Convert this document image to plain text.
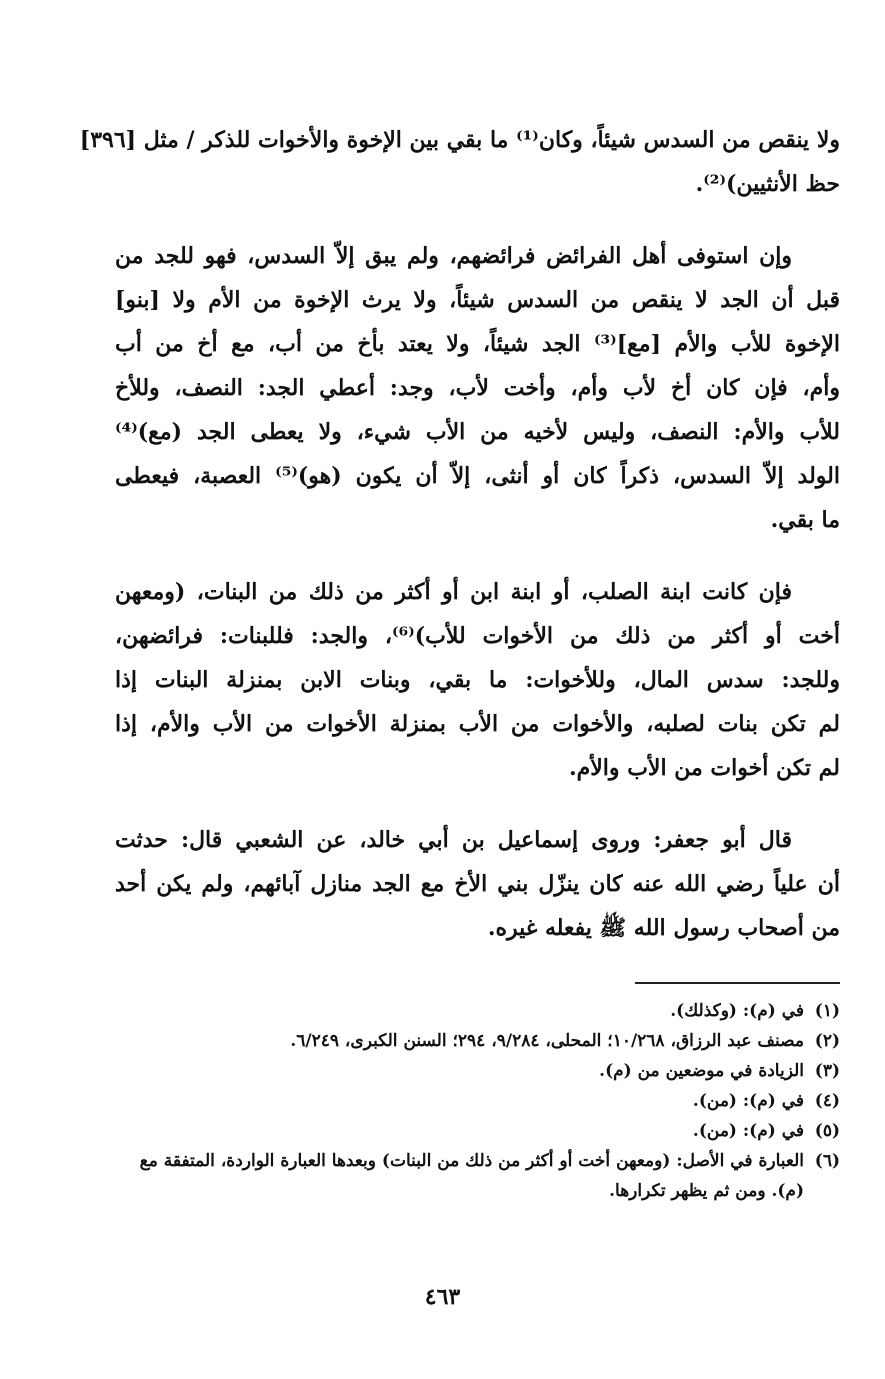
ولا ينقص من السدس شيئاً، وكان⁽¹⁾ ما بقي بين الإخوة والأخوات للذكر / مثل [٣٩٦]
حظ الأنثيين)⁽²⁾.
وإن استوفى أهل الفرائض فرائضهم، ولم يبق إلاّ السدس، فهو للجد من
قبل أن الجد لا ينقص من السدس شيئاً، ولا يرث الإخوة من الأم ولا [بنو]
الإخوة للأب والأم [مع]⁽³⁾ الجد شيئاً، ولا يعتد بأخ من أب، مع أخ من أب
وأم، فإن كان أخ لأب وأم، وأخت لأب، وجد: أعطي الجد: النصف، وللأخ
للأب والأم: النصف، وليس لأخيه من الأب شيء، ولا يعطى الجد (مع)⁽⁴⁾
الولد إلاّ السدس، ذكراً كان أو أنثى، إلاّ أن يكون (هو)⁽⁵⁾ العصبة، فيعطى
ما بقي.
فإن كانت ابنة الصلب، أو ابنة ابن أو أكثر من ذلك من البنات، (ومعهن
أخت أو أكثر من ذلك من الأخوات للأب)⁽⁶⁾، والجد: فللبنات: فرائضهن،
وللجد: سدس المال، وللأخوات: ما بقي، وبنات الابن بمنزلة البنات إذا
لم تكن بنات لصلبه، والأخوات من الأب بمنزلة الأخوات من الأب والأم، إذا
لم تكن أخوات من الأب والأم.
قال أبو جعفر: وروى إسماعيل بن أبي خالد، عن الشعبي قال: حدثت
أن علياً رضي الله عنه كان ينزّل بني الأخ مع الجد منازل آبائهم، ولم يكن أحد
من أصحاب رسول الله ﷺ يفعله غيره.
(١)
في (م): (وكذلك).
(٢)
مصنف عبد الرزاق، ١٠/٢٦٨؛ المحلى، ٩/٢٨٤، ٢٩٤؛ السنن الكبرى، ٦/٢٤٩.
(٣)
الزيادة في موضعين من (م).
(٤)
في (م): (من).
(٥)
في (م): (من).
(٦)
العبارة في الأصل: (ومعهن أخت أو أكثر من ذلك من البنات) وبعدها العبارة الواردة، المتفقة مع (م). ومن ثم يظهر تكرارها.
٤٦٣
